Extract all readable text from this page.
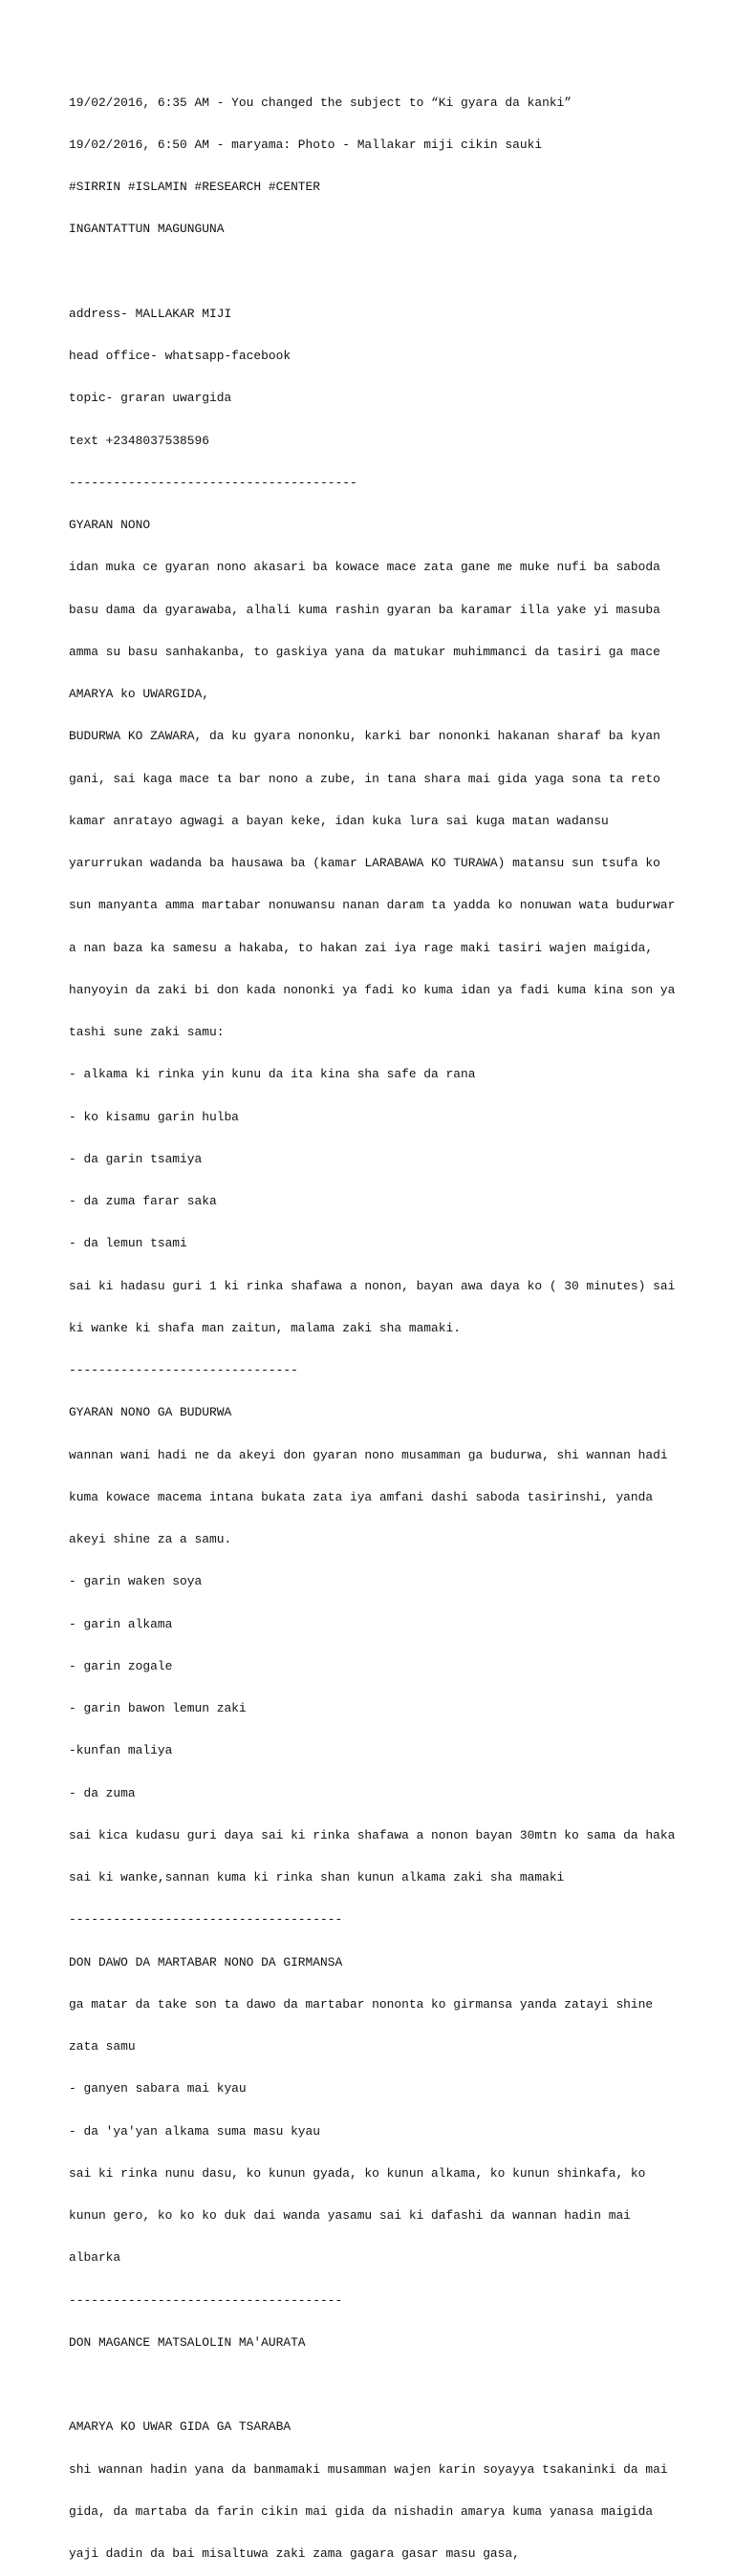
19/02/2016, 6:35 AM - You changed the subject to “Ki gyara da kanki”

19/02/2016, 6:50 AM - maryama: Photo - Mallakar miji cikin sauki

#SIRRIN #ISLAMIN #RESEARCH #CENTER

INGANTATTUN MAGUNGUNA

address- MALLAKAR MIJI

head office- whatsapp-facebook

topic- graran uwargida

text +2348037538596

---------------------------------------

GYARAN NONO

idan muka ce gyaran nono akasari ba kowace mace zata gane me muke nufi ba saboda

basu dama da gyarawaba, alhali kuma rashin gyaran ba karamar illa yake yi masuba

amma su basu sanhakanba, to gaskiya yana da matukar muhimmanci da tasiri ga mace

AMARYA ko UWARGIDA,

BUDURWA KO ZAWARA, da ku gyara nononku, karki bar nononki hakanan sharaf ba kyan

gani, sai kaga mace ta bar nono a zube, in tana shara mai gida yaga sona ta reto

kamar anratayo agwagi a bayan keke, idan kuka lura sai kuga matan wadansu

yarurrukan wadanda ba hausawa ba (kamar LARABAWA KO TURAWA) matansu sun tsufa ko

sun manyanta amma martabar nonuwansu nanan daram ta yadda ko nonuwan wata budurwar

a nan baza ka samesu a hakaba, to hakan zai iya rage maki tasiri wajen maigida,

hanyoyin da zaki bi don kada nononki ya fadi ko kuma idan ya fadi kuma kina son ya

tashi sune zaki samu:

- alkama ki rinka yin kunu da ita kina sha safe da rana

- ko kisamu garin hulba

- da garin tsamiya

- da zuma farar saka

- da lemun tsami

sai ki hadasu guri 1 ki rinka shafawa a nonon, bayan awa daya ko ( 30 minutes) sai

ki wanke ki shafa man zaitun, malama zaki sha mamaki.

-------------------------------

GYARAN NONO GA BUDURWA

wannan wani hadi ne da akeyi don gyaran nono musamman ga budurwa, shi wannan hadi

kuma kowace macema intana bukata zata iya amfani dashi saboda tasirinshi, yanda

akeyi shine za a samu.

- garin waken soya

- garin alkama

- garin zogale

- garin bawon lemun zaki

-kunfan maliya

- da zuma

sai kica kudasu guri daya sai ki rinka shafawa a nonon bayan 30mtn ko sama da haka

sai ki wanke,sannan kuma ki rinka shan kunun alkama zaki sha mamaki

-------------------------------------

DON DAWO DA MARTABAR NONO DA GIRMANSA

ga matar da take son ta dawo da martabar nononta ko girmansa yanda zatayi shine

zata samu

- ganyen sabara mai kyau

- da 'ya'yan alkama suma masu kyau

sai ki rinka nunu dasu, ko kunun gyada, ko kunun alkama, ko kunun shinkafa, ko

kunun gero, ko ko ko duk dai wanda yasamu sai ki dafashi da wannan hadin mai

albarka

-------------------------------------

DON MAGANCE MATSALOLIN MA'AURATA

AMARYA KO UWAR GIDA GA TSARABA

shi wannan hadin yana da banmamaki musamman wajen karin soyayya tsakaninki da mai

gida, da martaba da farin cikin mai gida da nishadin amarya kuma yanasa maigida

yaji dadin da bai misaltuwa zaki zama gagara gasar masu gasa,
